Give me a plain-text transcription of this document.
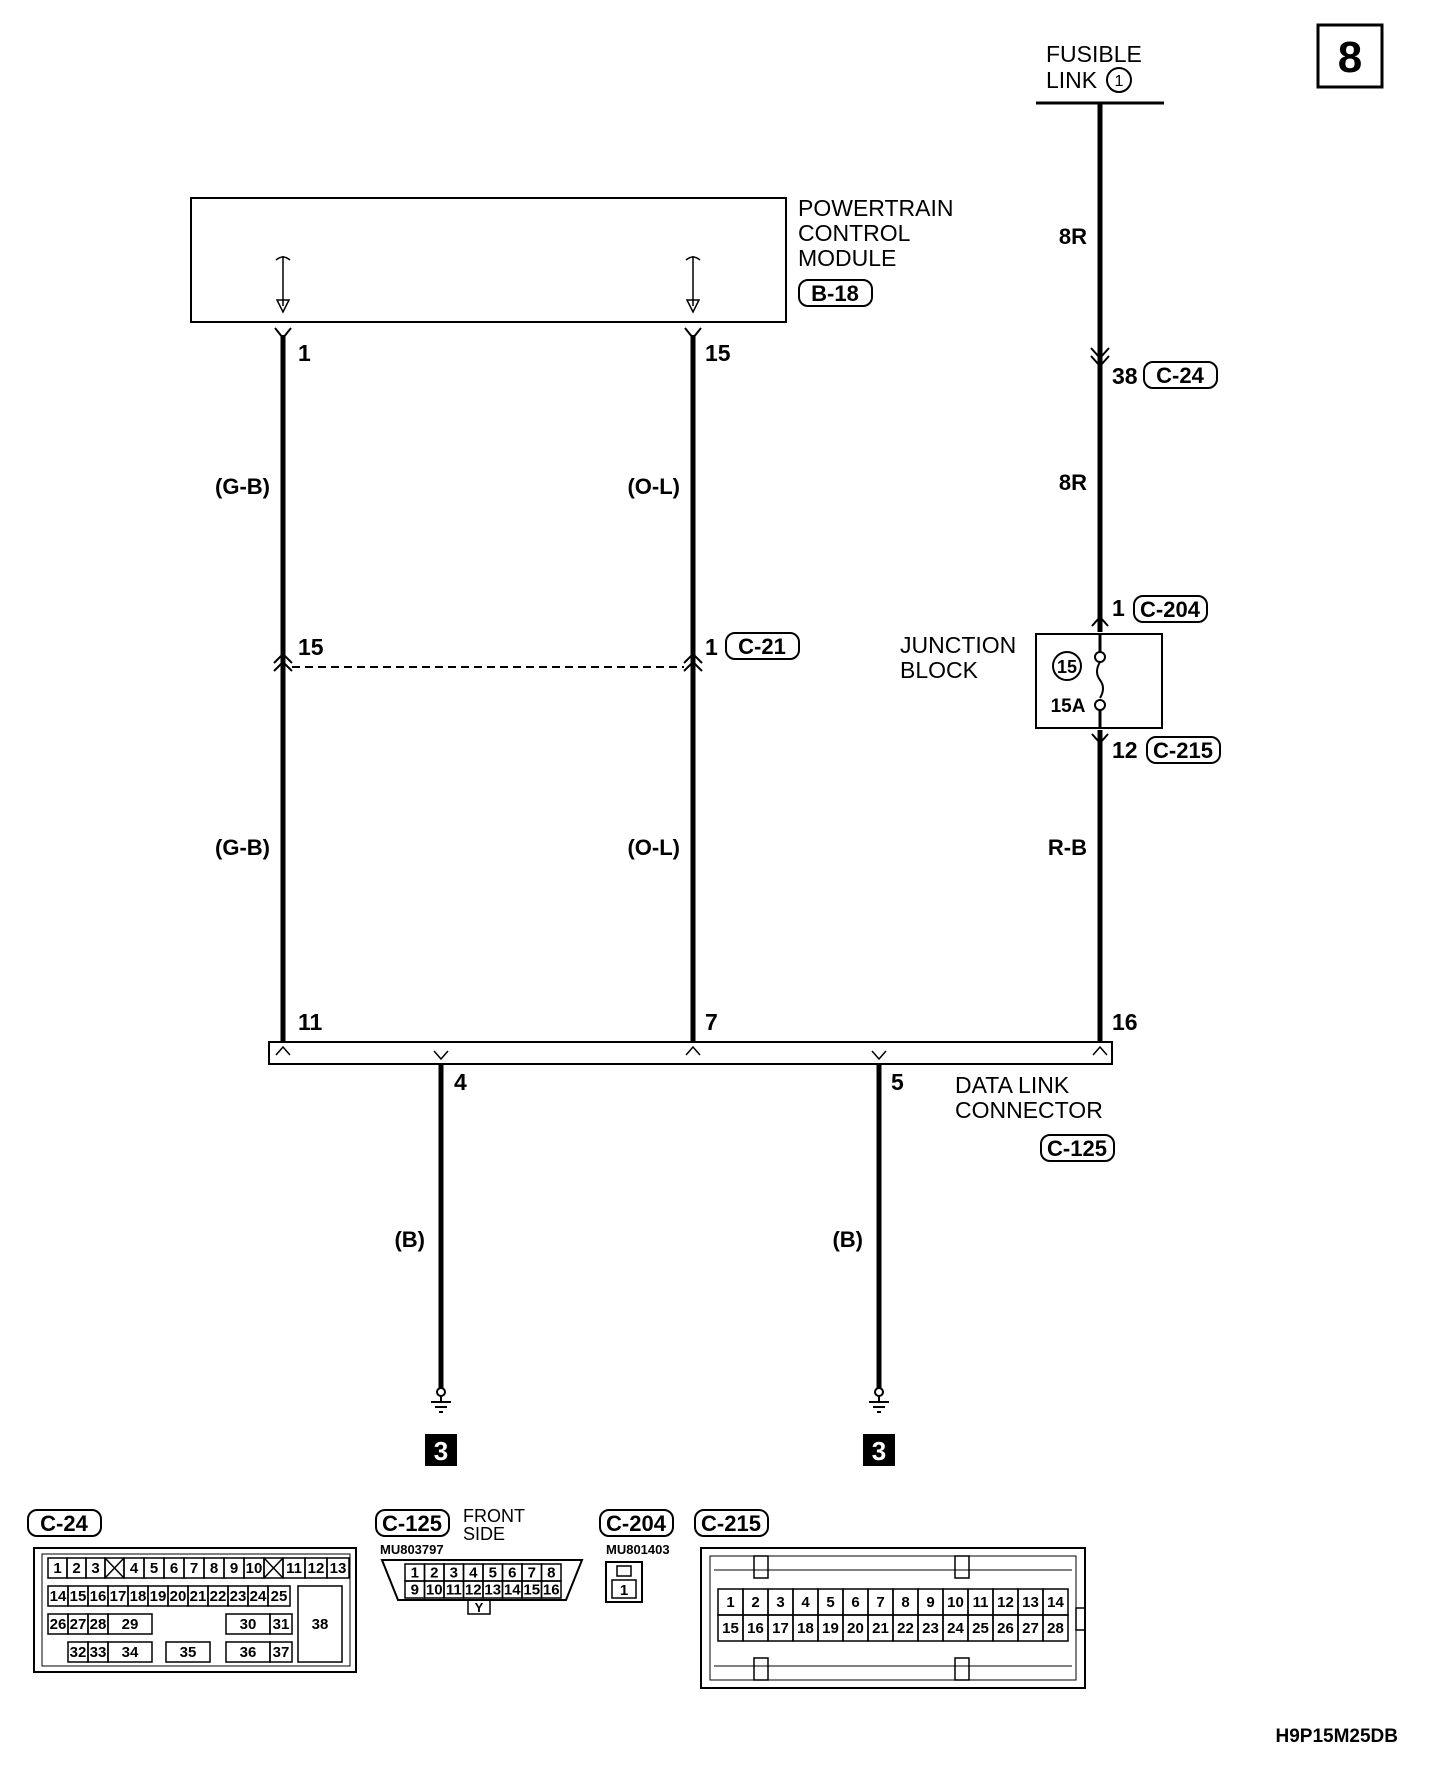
8
FUSIBLE
LINK 1
POWERTRAIN
CONTROL
MODULE
B-18
1
(G-B)
15
(G-B)
11
15
(O-L)
1 C-21
(O-L)
7
8R
38 C-24
8R
1 C-204
12 C-215
R-B
16
15
15A
JUNCTION
BLOCK
4	5 DATA LINK
CONNECTOR
C-125
(B)
3
(B)
3
C-24
1 2 3 4 5 6 7 8 9 10 11 12 13
14 15 16 17 18 19 20 21 22 23 24 25
26 27 28 29	30 31
32 33 34	35	36 37
38
C-125 FRONT
SIDE
MU803797
1 2 3 4 5 6 7 8
9 10 11 12 13 14 15 16
Y
C-204
MU801403
1
C-215
1 2 3 4 5 6 7 8 9 10 11 12 13 14
15 16 17 18 19 20 21 22 23 24 25 26 27 28
H9P15M25DB
